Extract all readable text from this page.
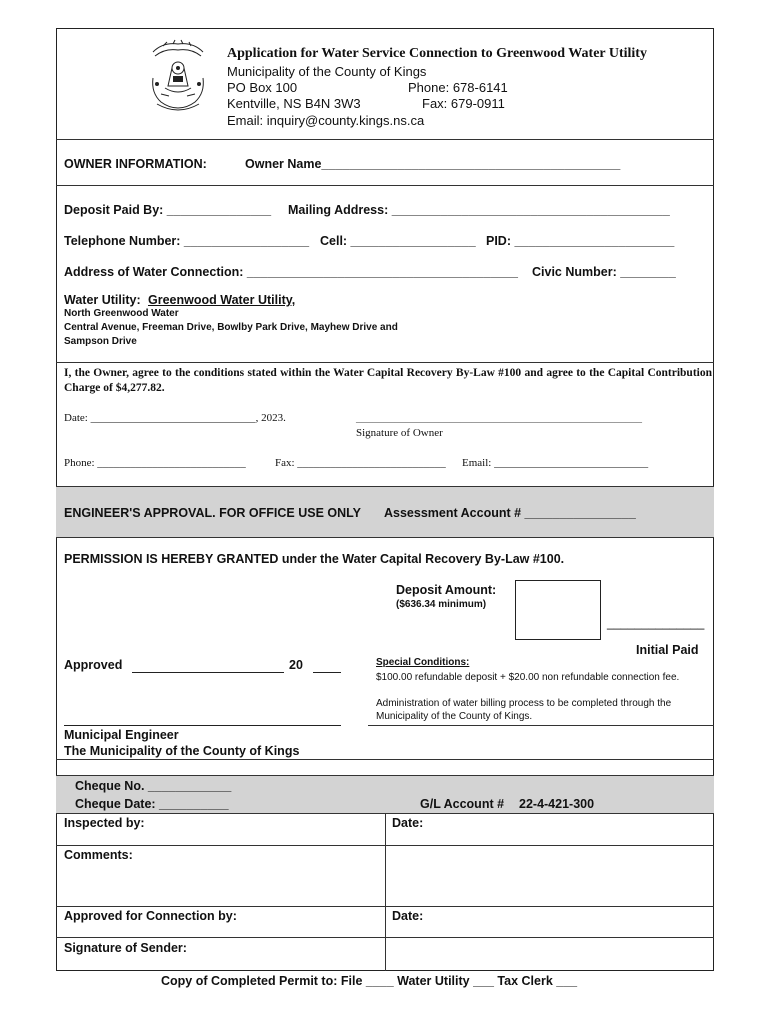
Application for Water Service Connection to Greenwood Water Utility
Municipality of the County of Kings
PO Box 100	Phone: 678-6141
Kentville, NS B4N 3W3	Fax: 679-0911
Email: inquiry@county.kings.ns.ca
OWNER INFORMATION:	Owner Name___________________________________________
Deposit Paid By: _______________ Mailing Address: ________________________________________
Telephone Number: __________________ Cell: __________________ PID: _______________________
Address of Water Connection: _______________________________________ Civic Number: ________
Water Utility: Greenwood Water Utility,
North Greenwood Water
Central Avenue, Freeman Drive, Bowlby Park Drive, Mayhew Drive and
Sampson Drive
I, the Owner, agree to the conditions stated within the Water Capital Recovery By-Law #100 and agree to the Capital Contribution Charge of $4,277.82.
Date: ______________________________, 2023.	____________________________________________________
Signature of Owner
Phone: ___________________________	Fax: ___________________________ Email: ____________________________
ENGINEER'S APPROVAL. FOR OFFICE USE ONLY Assessment Account # ________________
PERMISSION IS HEREBY GRANTED under the Water Capital Recovery By-Law #100.
Deposit Amount:
($636.34 minimum)
______________
Initial Paid
Approved	20	Special Conditions:
$100.00 refundable deposit + $20.00 non refundable connection fee.
Administration of water billing process to be completed through the Municipality of the County of Kings.
Municipal Engineer
The Municipality of the County of Kings
Cheque No. ____________
Cheque Date: __________	G/L Account # 22-4-421-300
Inspected by:	Date:
Comments:
Approved for Connection by:	Date:
Signature of Sender:
Copy of Completed Permit to: File ____ Water Utility ___ Tax Clerk ___
